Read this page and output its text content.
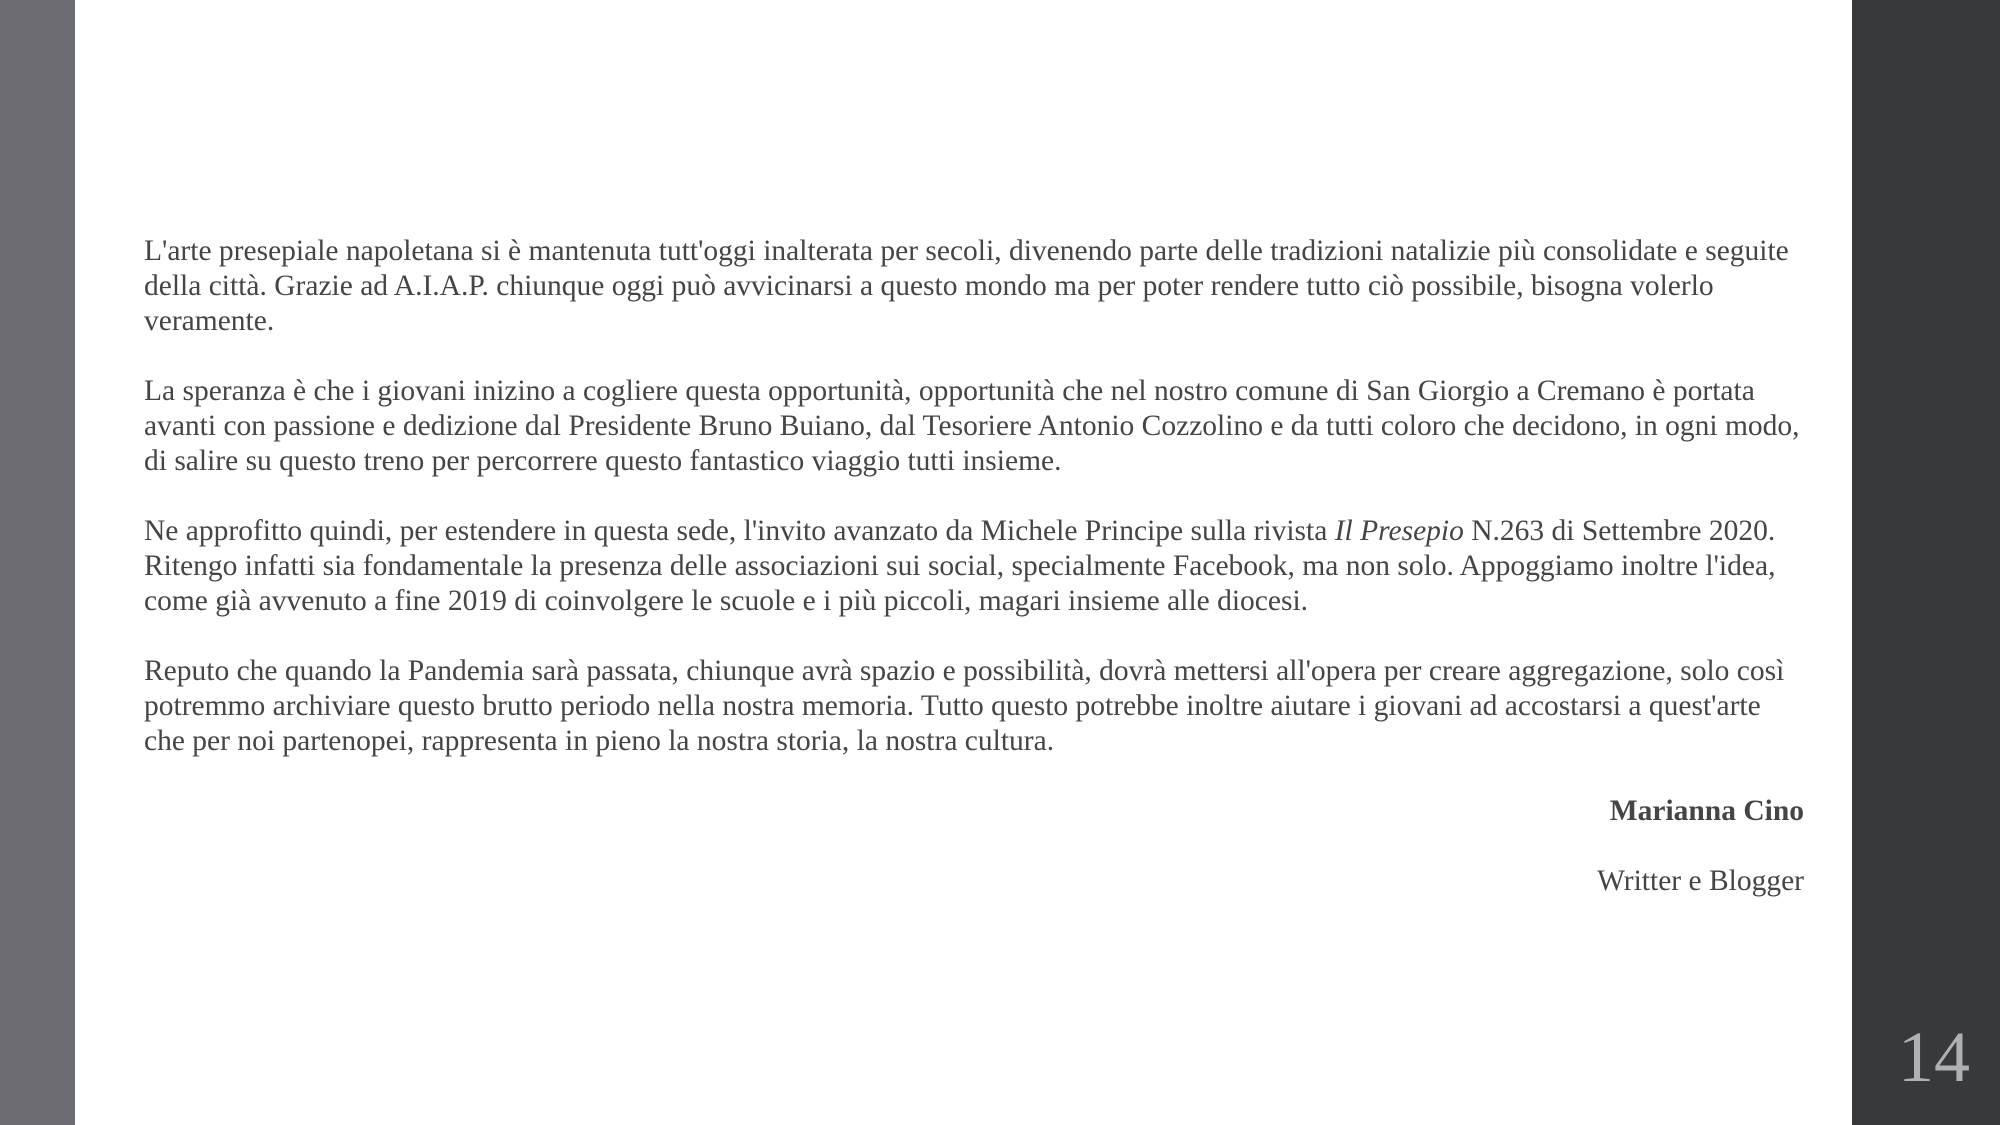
L'arte presepiale napoletana si è mantenuta tutt'oggi inalterata per secoli, divenendo parte delle tradizioni natalizie più consolidate e seguite della città. Grazie ad A.I.A.P. chiunque oggi può avvicinarsi a questo mondo ma per poter rendere tutto ciò possibile, bisogna volerlo veramente.

La speranza è che i giovani inizino a cogliere questa opportunità, opportunità che nel nostro comune di San Giorgio a Cremano è portata avanti con passione e dedizione dal Presidente Bruno Buiano, dal Tesoriere Antonio Cozzolino e da tutti coloro che decidono, in ogni modo, di salire su questo treno per percorrere questo fantastico viaggio tutti insieme.

Ne approfitto quindi, per estendere in questa sede, l'invito avanzato da Michele Principe sulla rivista Il Presepio N.263 di Settembre 2020. Ritengo infatti sia fondamentale la presenza delle associazioni sui social, specialmente Facebook, ma non solo. Appoggiamo inoltre l'idea, come già avvenuto a fine 2019 di coinvolgere le scuole e i più piccoli, magari insieme alle diocesi.

Reputo che quando la Pandemia sarà passata, chiunque avrà spazio e possibilità, dovrà mettersi all'opera per creare aggregazione, solo così potremmo archiviare questo brutto periodo nella nostra memoria. Tutto questo potrebbe inoltre aiutare i giovani ad accostarsi a quest'arte che per noi partenopei, rappresenta in pieno la nostra storia, la nostra cultura.

Marianna Cino
Writter e Blogger
14
